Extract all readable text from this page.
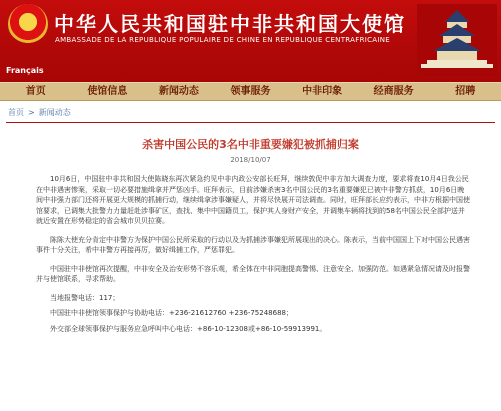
中华人民共和国驻中非共和国大使馆
AMBASSADE DE LA REPUBLIQUE POPULAIRE DE CHINE EN REPUBLIQUE CENTRAFRICAINE
Français
首页	使馆信息	新闻动态	领事服务	中非印象	经商服务	招聘
首页 > 新闻动态
杀害中国公民的3名中非重要嫌犯被抓捕归案
2018/10/07

10月6日，中国驻中非共和国大使陈晓东再次紧急约见中非内政公安部长旺拜，继续敦促中非方加大调查力度，要求将查10月4日我公民在中非遇害惨案，采取一切必要措施缉拿并严惩凶手。旺拜表示，目前涉嫌杀害3名中国公民的3名重要嫌犯已被中非警方抓获，10月6日晚间中非强力部门还将开展更大规模的抓捕行动，继续缉拿涉事嫌疑人，并将尽快展开司法调查。同时，旺拜部长应约表示，中非方根据中国使馆要求，已调集大批警力力量赶赴涉事矿区，查找、集中中国籍员工，保护其人身财产安全，并调集车辆将找到的58名中国公民全部护送并就近安置在形势稳定的省会城市贝贝拉赛。

陈陈大使充分肯定中非警方为保护中国公民所采取的行动以及为抓捕涉事嫌犯所展现出的决心。陈表示，当前中国国上下对中国公民遇害事件十分关注，希中非警方再接再厉，做好缉捕工作，严惩罪犯。

中国驻中非使馆再次提醒，中非安全及治安形势不容乐观，希全体在中非同胞提高警惕、注意安全、加强防范。如遇紧急情况请及时报警并与使馆联系，寻求帮助。

当地报警电话：117；

中国驻中非使馆领事保护与协助电话：+236-21612760 +236-75248688；

外交部全球领事保护与服务应急呼叫中心电话：+86-10-12308或+86-10-59913991。
